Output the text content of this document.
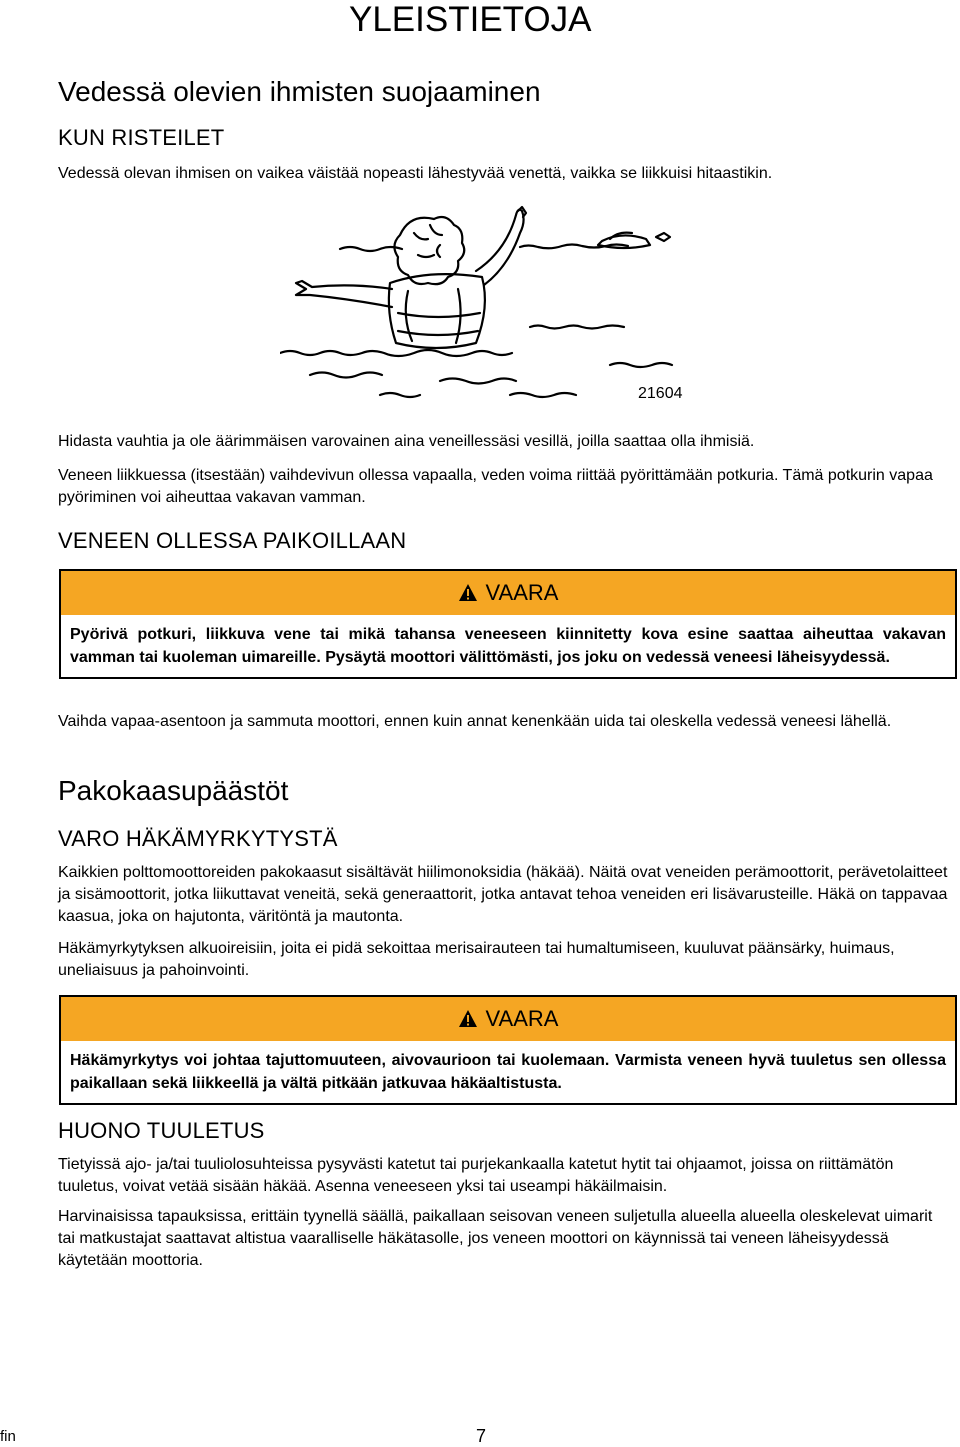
YLEISTIETOJA
Vedessä olevien ihmisten suojaaminen
KUN RISTEILET
Vedessä olevan ihmisen on vaikea väistää nopeasti lähestyvää venettä, vaikka se liikkuisi hitaastikin.
21604
Hidasta vauhtia ja ole äärimmäisen varovainen aina veneillessäsi vesillä, joilla saattaa olla ihmisiä.
Veneen liikkuessa (itsestään) vaihdevivun ollessa vapaalla, veden voima riittää pyörittämään potkuria. Tämä potkurin vapaa pyöriminen voi aiheuttaa vakavan vamman.
VENEEN OLLESSA PAIKOILLAAN
VAARA
Pyörivä potkuri, liikkuva vene tai mikä tahansa veneeseen kiinnitetty kova esine saattaa aiheuttaa vakavan vamman tai kuoleman uimareille. Pysäytä moottori välittömästi, jos joku on vedessä veneesi läheisyydessä.
Vaihda vapaa-asentoon ja sammuta moottori, ennen kuin annat kenenkään uida tai oleskella vedessä veneesi lähellä.
Pakokaasupäästöt
VARO HÄKÄMYRKYTYSTÄ
Kaikkien polttomoottoreiden pakokaasut sisältävät hiilimonoksidia (häkää). Näitä ovat veneiden perämoottorit, perävetolaitteet ja sisämoottorit, jotka liikuttavat veneitä, sekä generaattorit, jotka antavat tehoa veneiden eri lisävarusteille. Häkä on tappavaa kaasua, joka on hajutonta, väritöntä ja mautonta.
Häkämyrkytyksen alkuoireisiin, joita ei pidä sekoittaa merisairauteen tai humaltumiseen, kuuluvat päänsärky, huimaus, uneliaisuus ja pahoinvointi.
VAARA
Häkämyrkytys voi johtaa tajuttomuuteen, aivovaurioon tai kuolemaan. Varmista veneen hyvä tuuletus sen ollessa paikallaan sekä liikkeellä ja vältä pitkään jatkuvaa häkäaltistusta.
HUONO TUULETUS
Tietyissä ajo- ja/tai tuuliolosuhteissa pysyvästi katetut tai purjekankaalla katetut hytit tai ohjaamot, joissa on riittämätön tuuletus, voivat vetää sisään häkää. Asenna veneeseen yksi tai useampi häkäilmaisin.
Harvinaisissa tapauksissa, erittäin tyynellä säällä, paikallaan seisovan veneen suljetulla alueella alueella oleskelevat uimarit tai matkustajat saattavat altistua vaaralliselle häkätasolle, jos veneen moottori on käynnissä tai veneen läheisyydessä käytetään moottoria.
fin	7
